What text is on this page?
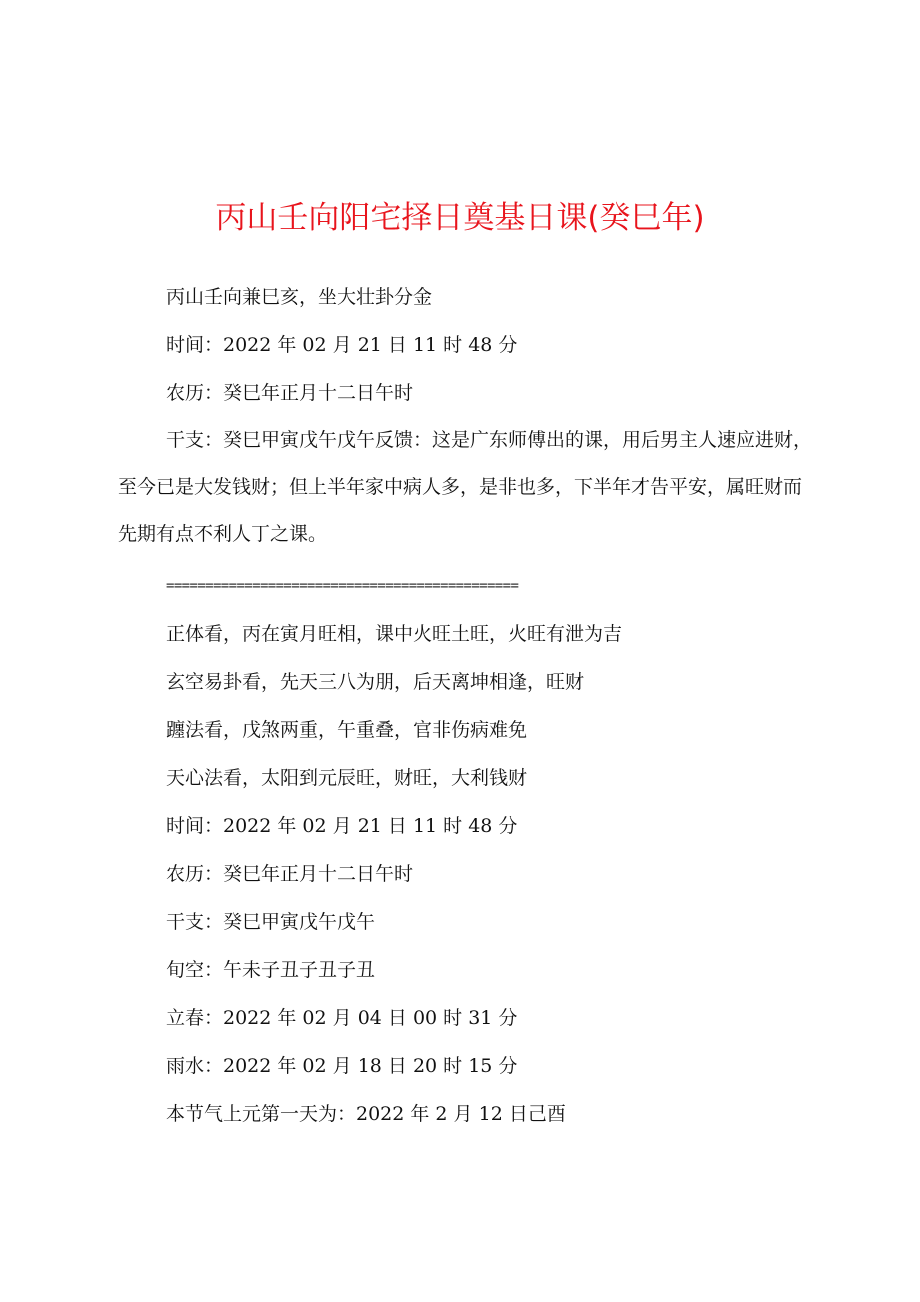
丙山壬向阳宅择日奠基日课(癸巳年)
丙山壬向兼巳亥，坐大壮卦分金
时间：2022 年 02 月 21 日 11 时 48 分
农历：癸巳年正月十二日午时
干支：癸巳甲寅戊午戊午反馈：这是广东师傅出的课，用后男主人速应进财，至今已是大发钱财；但上半年家中病人多，是非也多，下半年才告平安，属旺财而先期有点不利人丁之课。
=============================================
正体看，丙在寅月旺相，课中火旺土旺，火旺有泄为吉
玄空易卦看，先天三八为朋，后天离坤相逢，旺财
躔法看，戊煞两重，午重叠，官非伤病难免
天心法看，太阳到元辰旺，财旺，大利钱财
时间：2022 年 02 月 21 日 11 时 48 分
农历：癸巳年正月十二日午时
干支：癸巳甲寅戊午戊午
旬空：午未子丑子丑子丑
立春：2022 年 02 月 04 日 00 时 31 分
雨水：2022 年 02 月 18 日 20 时 15 分
本节气上元第一天为：2022 年 2 月 12 日己酉
